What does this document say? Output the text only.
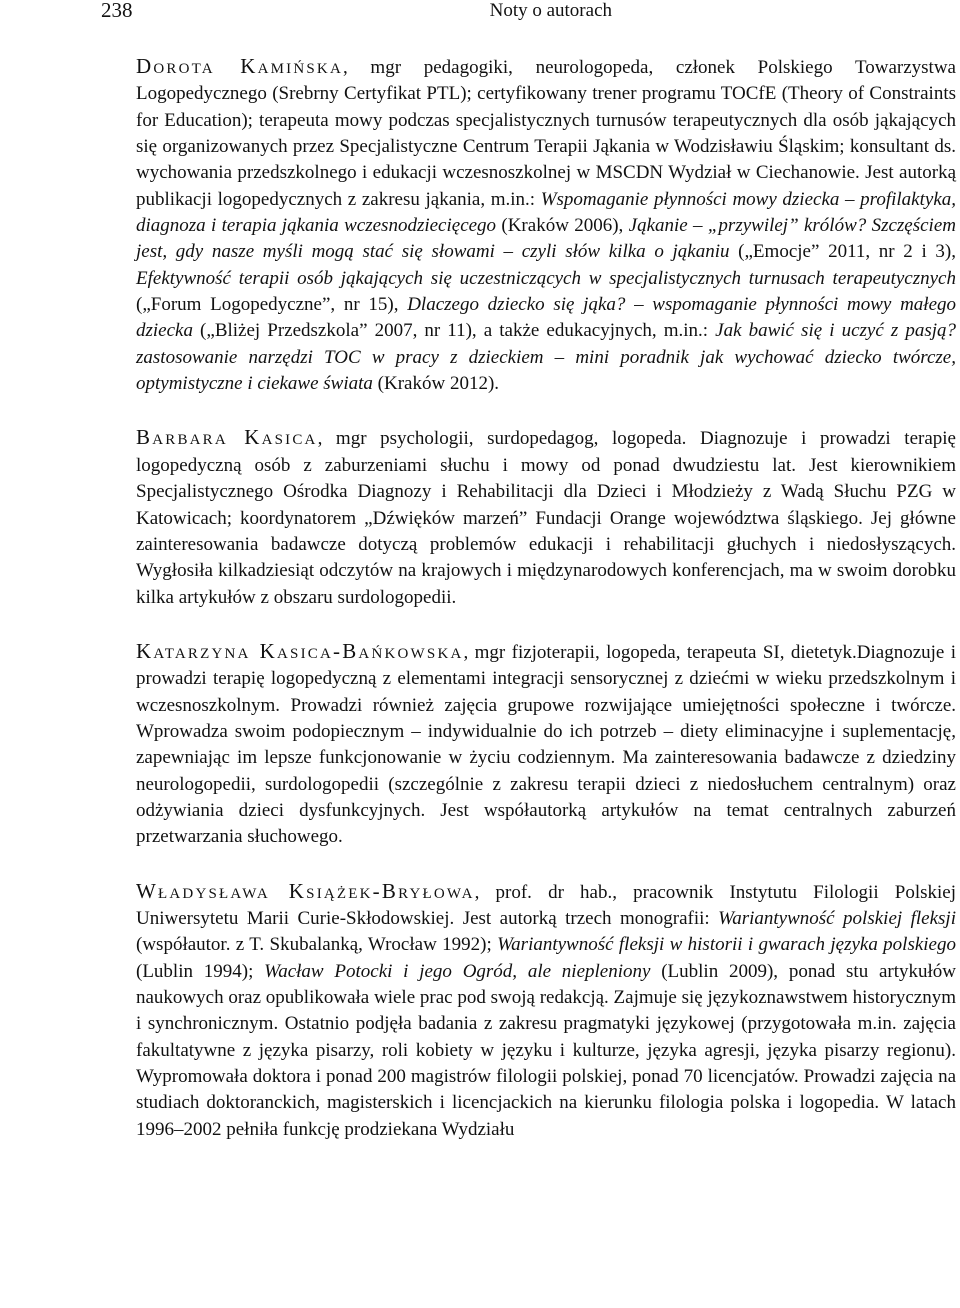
238	Noty o autorach

Dorota Kamińska, mgr pedagogiki, neurologopeda, członek Polskiego Towarzystwa Logopedycznego (Srebrny Certyfikat PTL); certyfikowany trener programu TOCfE (Theory of Constraints for Education); terapeuta mowy podczas specjalistycznych turnusów terapeutycznych dla osób jąkających się organizowanych przez Specjalistyczne Centrum Terapii Jąkania w Wodzisławiu Śląskim; konsultant ds. wychowania przedszkolnego i edukacji wczesnoszkolnej w MSCDN Wydział w Ciechanowie. Jest autorką publikacji logopedycznych z zakresu jąkania, m.in.: Wspomaganie płynności mowy dziecka – profilaktyka, diagnoza i terapia jąkania wczesnodziecięcego (Kraków 2006), Jąkanie – „przywilej” królów? Szczęściem jest, gdy nasze myśli mogą stać się słowami – czyli słów kilka o jąkaniu („Emocje” 2011, nr 2 i 3), Efektywność terapii osób jąkających się uczestniczących w specjalistycznych turnusach terapeutycznych („Forum Logopedyczne”, nr 15), Dlaczego dziecko się jąka? – wspomaganie płynności mowy małego dziecka („Bliżej Przedszkola” 2007, nr 11), a także edukacyjnych, m.in.: Jak bawić się i uczyć z pasją? zastosowanie narzędzi TOC w pracy z dzieckiem – mini poradnik jak wychować dziecko twórcze, optymistyczne i ciekawe świata (Kraków 2012).

Barbara Kasica, mgr psychologii, surdopedagog, logopeda. Diagnozuje i prowadzi terapię logopedyczną osób z zaburzeniami słuchu i mowy od ponad dwudziestu lat. Jest kierownikiem Specjalistycznego Ośrodka Diagnozy i Rehabilitacji dla Dzieci i Młodzieży z Wadą Słuchu PZG w Katowicach; koordynatorem „Dźwięków marzeń” Fundacji Orange województwa śląskiego. Jej główne zainteresowania badawcze dotyczą problemów edukacji i rehabilitacji głuchych i niedosłyszących. Wygłosiła kilkadziesiąt odczytów na krajowych i międzynarodowych konferencjach, ma w swoim dorobku kilka artykułów z obszaru surdologopedii.

Katarzyna Kasica-Bańkowska, mgr fizjoterapii, logopeda, terapeuta SI, dietetyk.Diagnozuje i prowadzi terapię logopedyczną z elementami integracji sensorycznej z dziećmi w wieku przedszkolnym i wczesnoszkolnym. Prowadzi również zajęcia grupowe rozwijające umiejętności społeczne i twórcze. Wprowadza swoim podopiecznym – indywidualnie do ich potrzeb – diety eliminacyjne i suplementację, zapewniając im lepsze funkcjonowanie w życiu codziennym. Ma zainteresowania badawcze z dziedziny neurologopedii, surdologopedii (szczególnie z zakresu terapii dzieci z niedosłuchem centralnym) oraz odżywiania dzieci dysfunkcyjnych. Jest współautorką artykułów na temat centralnych zaburzeń przetwarzania słuchowego.

Władysława Książek-Bryłowa, prof. dr hab., pracownik Instytutu Filologii Polskiej Uniwersytetu Marii Curie-Skłodowskiej. Jest autorką trzech monografii: Wariantywność polskiej fleksji (współautor. z T. Skubalanką, Wrocław 1992); Wariantywność fleksji w historii i gwarach języka polskiego (Lublin 1994); Wacław Potocki i jego Ogród, ale niepleniony (Lublin 2009), ponad stu artykułów naukowych oraz opublikowała wiele prac pod swoją redakcją. Zajmuje się językoznawstwem historycznym i synchronicznym. Ostatnio podjęła badania z zakresu pragmatyki językowej (przygotowała m.in. zajęcia fakultatywne z języka pisarzy, roli kobiety w języku i kulturze, języka agresji, języka pisarzy regionu). Wypromowała doktora i ponad 200 magistrów filologii polskiej, ponad 70 licencjatów. Prowadzi zajęcia na studiach doktoranckich, magisterskich i licencjackich na kierunku filologia polska i logopedia. W latach 1996–2002 pełniła funkcję prodziekana Wydziału
